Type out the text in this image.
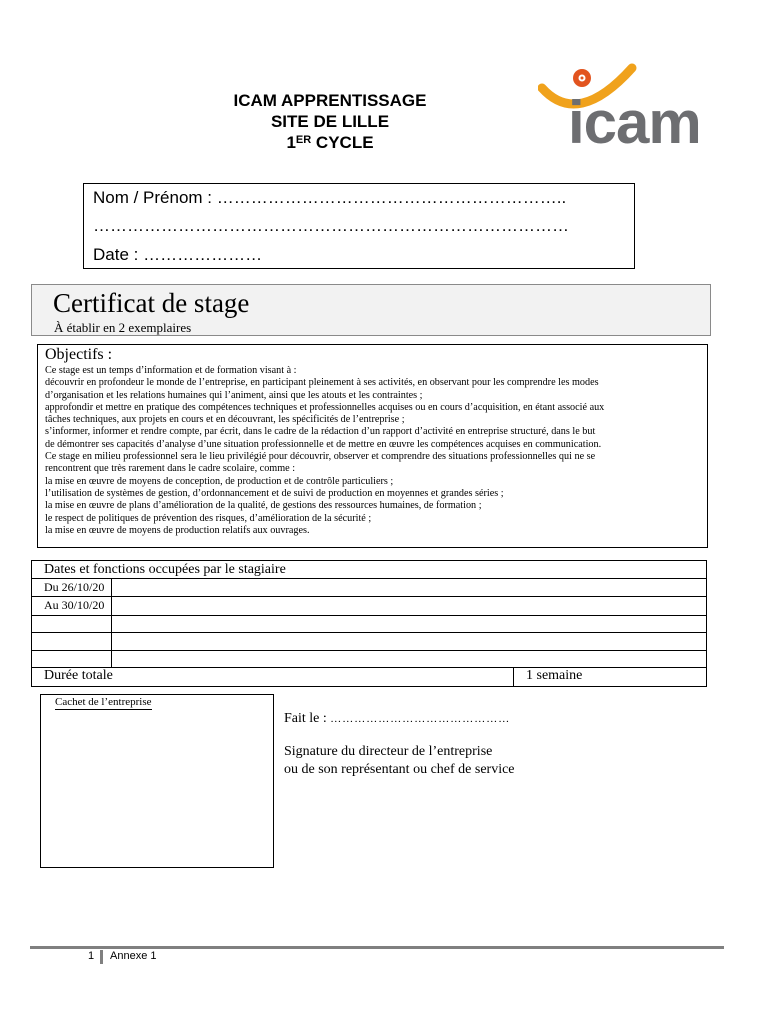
ICAM APPRENTISSAGE
SITE DE LILLE
1ER CYCLE	icam
Nom / Prénom : ……………………………………………………..
…………………………………………………………………………
Date : …………………
Certificat de stage
À établir en 2 exemplaires
Objectifs :
Ce stage est un temps d’information et de formation visant à :
découvrir en profondeur le monde de l’entreprise, en participant pleinement à ses activités, en observant pour les comprendre les modes
d’organisation et les relations humaines qui l’animent, ainsi que les atouts et les contraintes ;
approfondir et mettre en pratique des compétences techniques et professionnelles acquises ou en cours d’acquisition, en étant associé aux
tâches techniques, aux projets en cours et en découvrant, les spécificités de l’entreprise ;
s’informer, informer et rendre compte, par écrit, dans le cadre de la rédaction d’un rapport d’activité en entreprise structuré, dans le but
de démontrer ses capacités d’analyse d’une situation professionnelle et de mettre en œuvre les compétences acquises en communication.
Ce stage en milieu professionnel sera le lieu privilégié pour découvrir, observer et comprendre des situations professionnelles qui ne se
rencontrent que très rarement dans le cadre scolaire, comme :
la mise en œuvre de moyens de conception, de production et de contrôle particuliers ;
l’utilisation de systèmes de gestion, d’ordonnancement et de suivi de production en moyennes et grandes séries ;
la mise en œuvre de plans d’amélioration de la qualité, de gestions des ressources humaines, de formation ;
le respect de politiques de prévention des risques, d’amélioration de la sécurité ;
la mise en œuvre de moyens de production relatifs aux ouvrages.
Dates et fonctions occupées par le stagiaire
Du 26/10/20
Au 30/10/20
Durée totale	1 semaine
Cachet de l’entreprise
Fait le : ………………………………………
Signature du directeur de l’entreprise
ou de son représentant ou chef de service
1 Annexe 1
